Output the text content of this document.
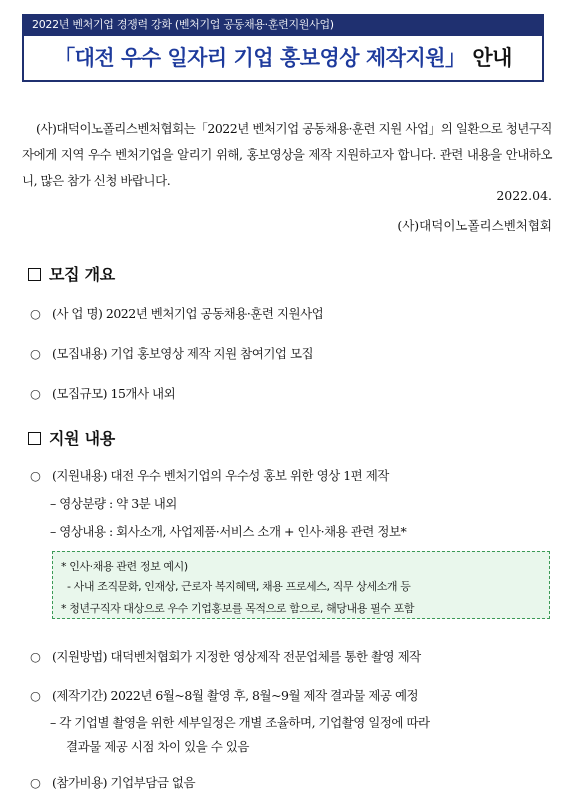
2022년 벤처기업 경쟁력 강화 (벤처기업 공동채용·훈련지원사업)
「대전 우수 일자리 기업 홍보영상 제작지원」 안내

(사)대덕이노폴리스벤처협회는「2022년 벤처기업 공동채용·훈련 지원 사업」의 일환으로 청년구직자에게 지역 우수 벤처기업을 알리기 위해, 홍보영상을 제작 지원하고자 합니다. 관련 내용을 안내하오니, 많은 참가 신청 바랍니다.

2022.04.
(사)대덕이노폴리스벤처협회
모집 개요
○ (사 업 명) 2022년 벤처기업 공동채용·훈련 지원사업
○ (모집내용) 기업 홍보영상 제작 지원 참여기업 모집
○ (모집규모) 15개사 내외
지원 내용
○ (지원내용) 대전 우수 벤처기업의 우수성 홍보 위한 영상 1편 제작
– 영상분량 : 약 3분 내외
– 영상내용 : 회사소개, 사업제품·서비스 소개 + 인사·채용 관련 정보*
* 인사·채용 관련 정보 예시)
- 사내 조직문화, 인재상, 근로자 복지혜택, 채용 프로세스, 직무 상세소개 등
* 청년구직자 대상으로 우수 기업홍보를 목적으로 함으로, 해당내용 필수 포함
○ (지원방법) 대덕벤처협회가 지정한 영상제작 전문업체를 통한 촬영 제작
○ (제작기간) 2022년 6월~8월 촬영 후, 8월~9월 제작 결과물 제공 예정
– 각 기업별 촬영을 위한 세부일정은 개별 조율하며, 기업촬영 일정에 따라
결과물 제공 시점 차이 있을 수 있음
○ (참가비용) 기업부담금 없음
